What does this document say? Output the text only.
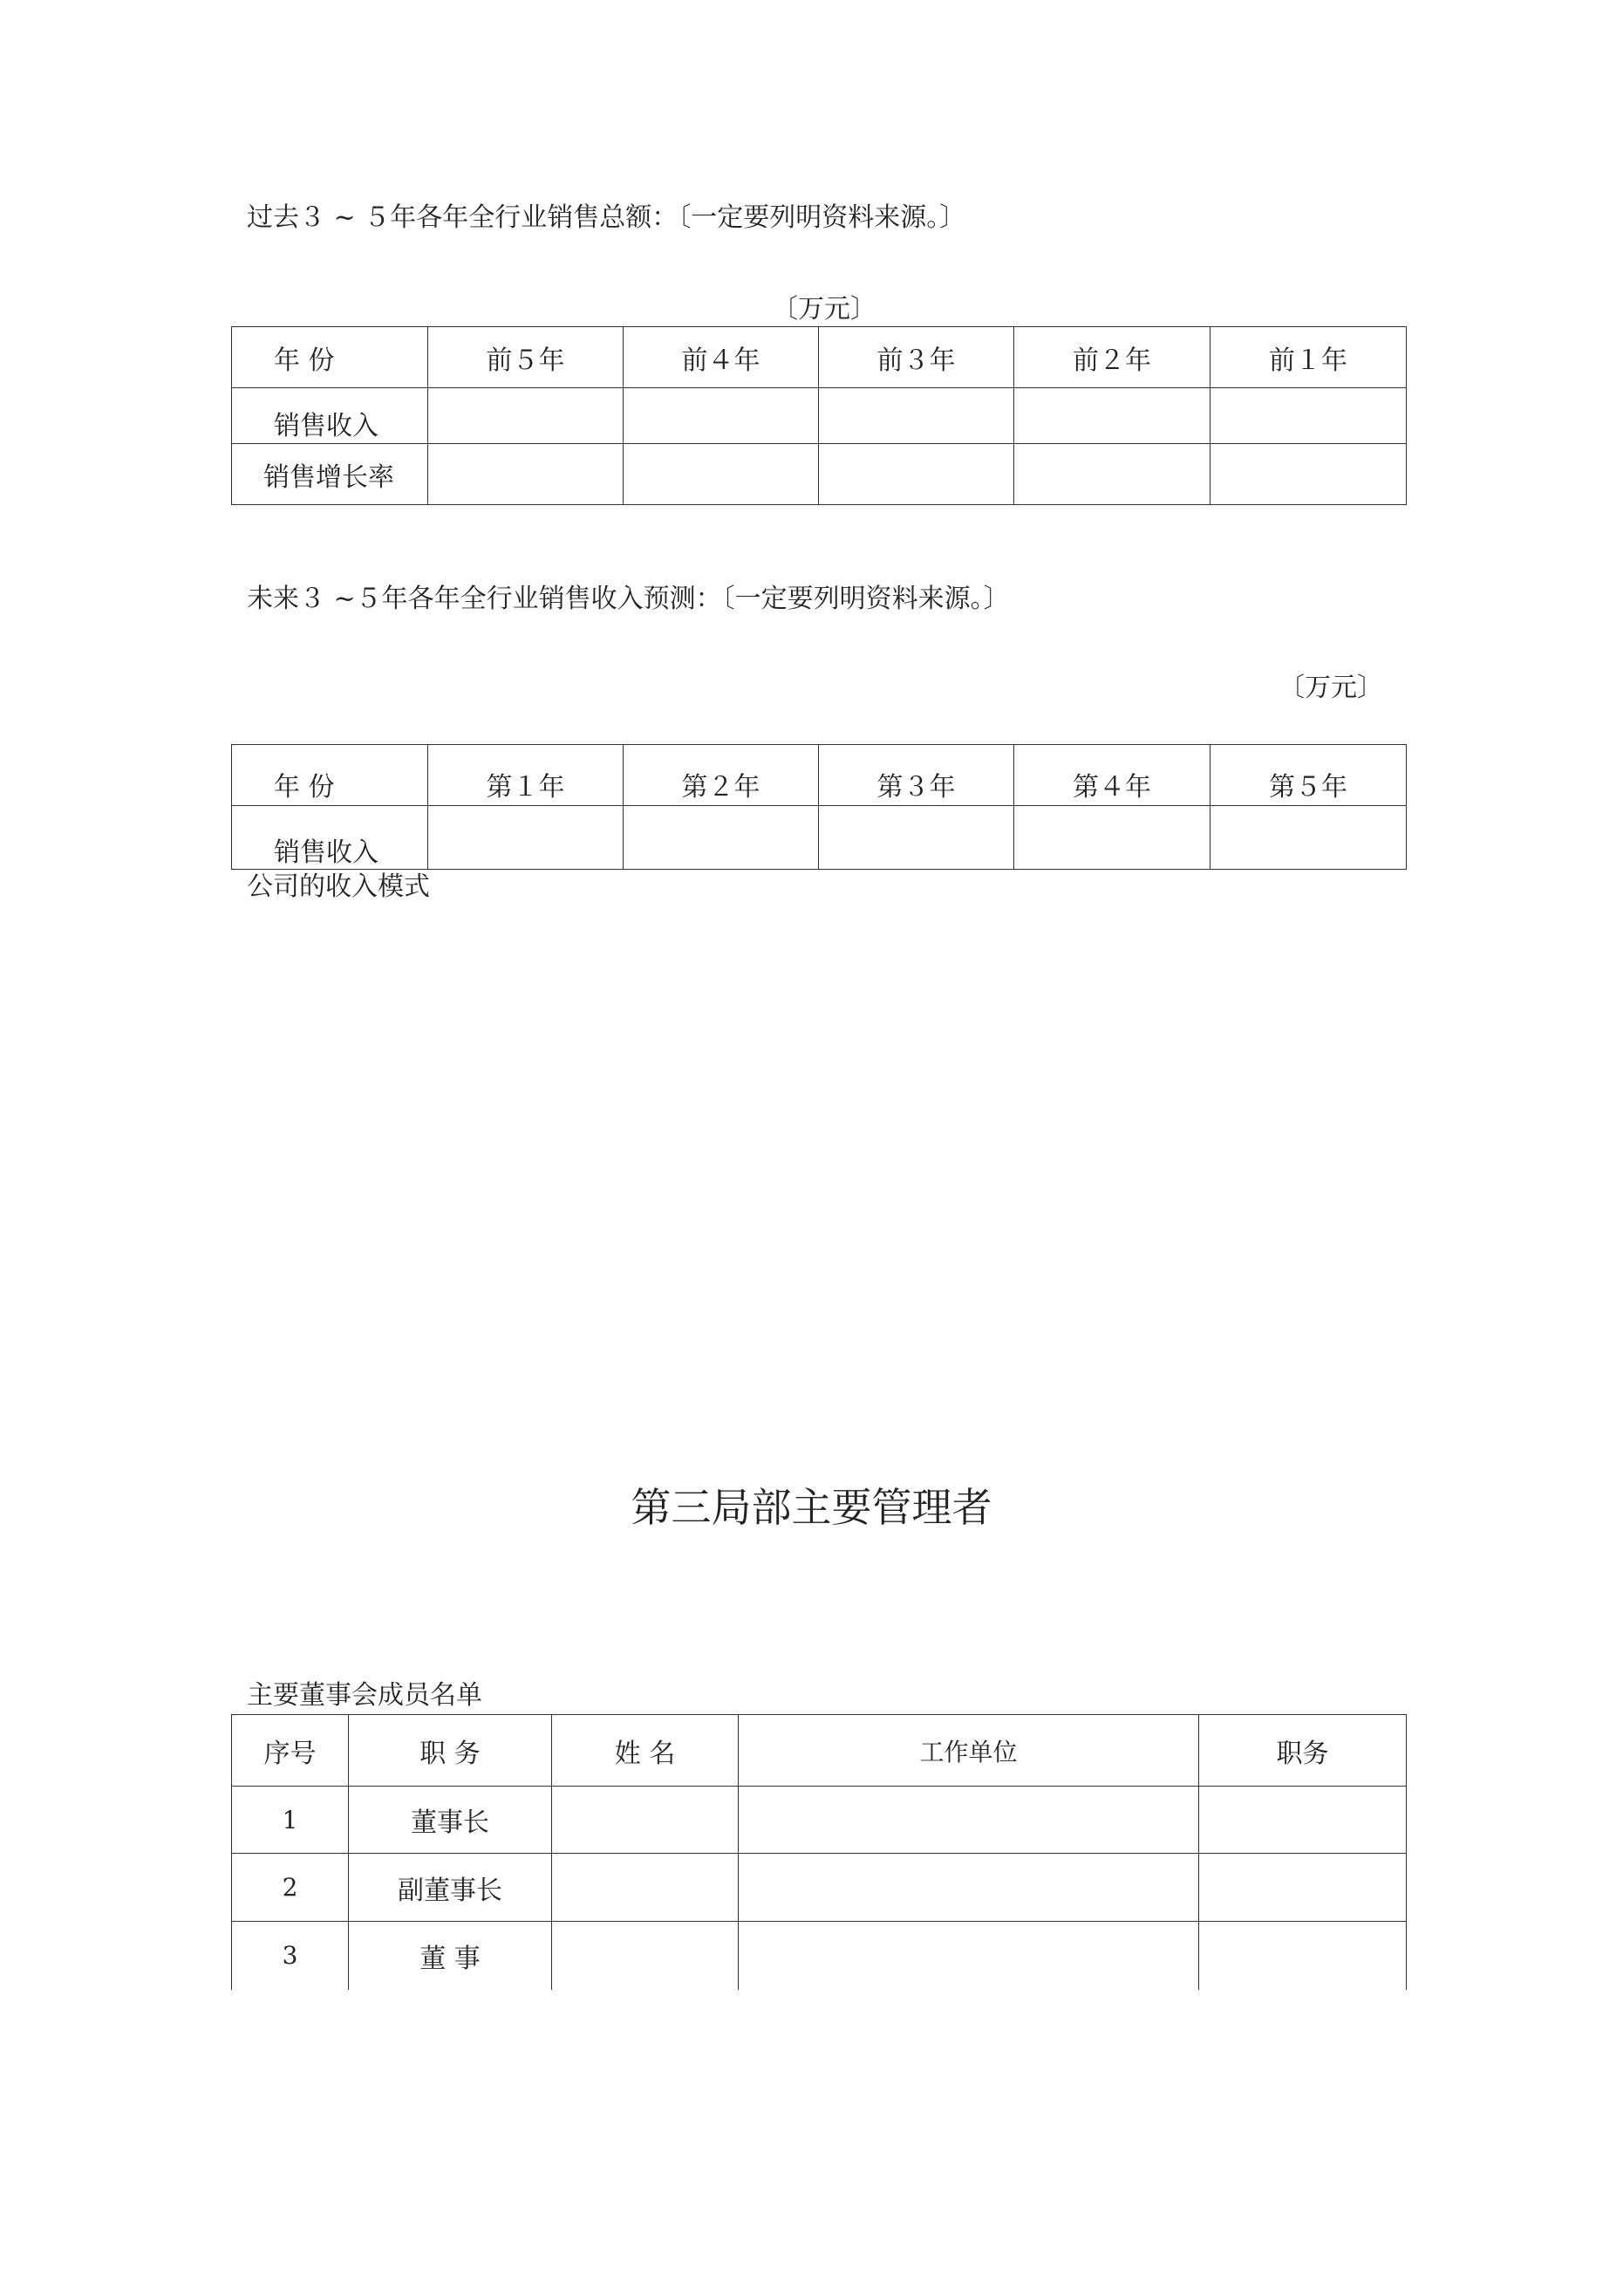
过去３ ~ ５年各年全行业销售总额：〔一定要列明资料来源。〕
〔万元〕
年 份	前５年	前４年	前３年	前２年	前１年
销售收入					
销售增长率					
未来３ ~５年各年全行业销售收入预测：〔一定要列明资料来源。〕
〔万元〕
年 份	第１年	第２年	第３年	第４年	第５年
销售收入					
公司的收入模式
第三局部主要管理者
主要董事会成员名单
序号	职 务	姓 名	工作单位	职务
1	董事长			
2	副董事长			
3	董 事			
